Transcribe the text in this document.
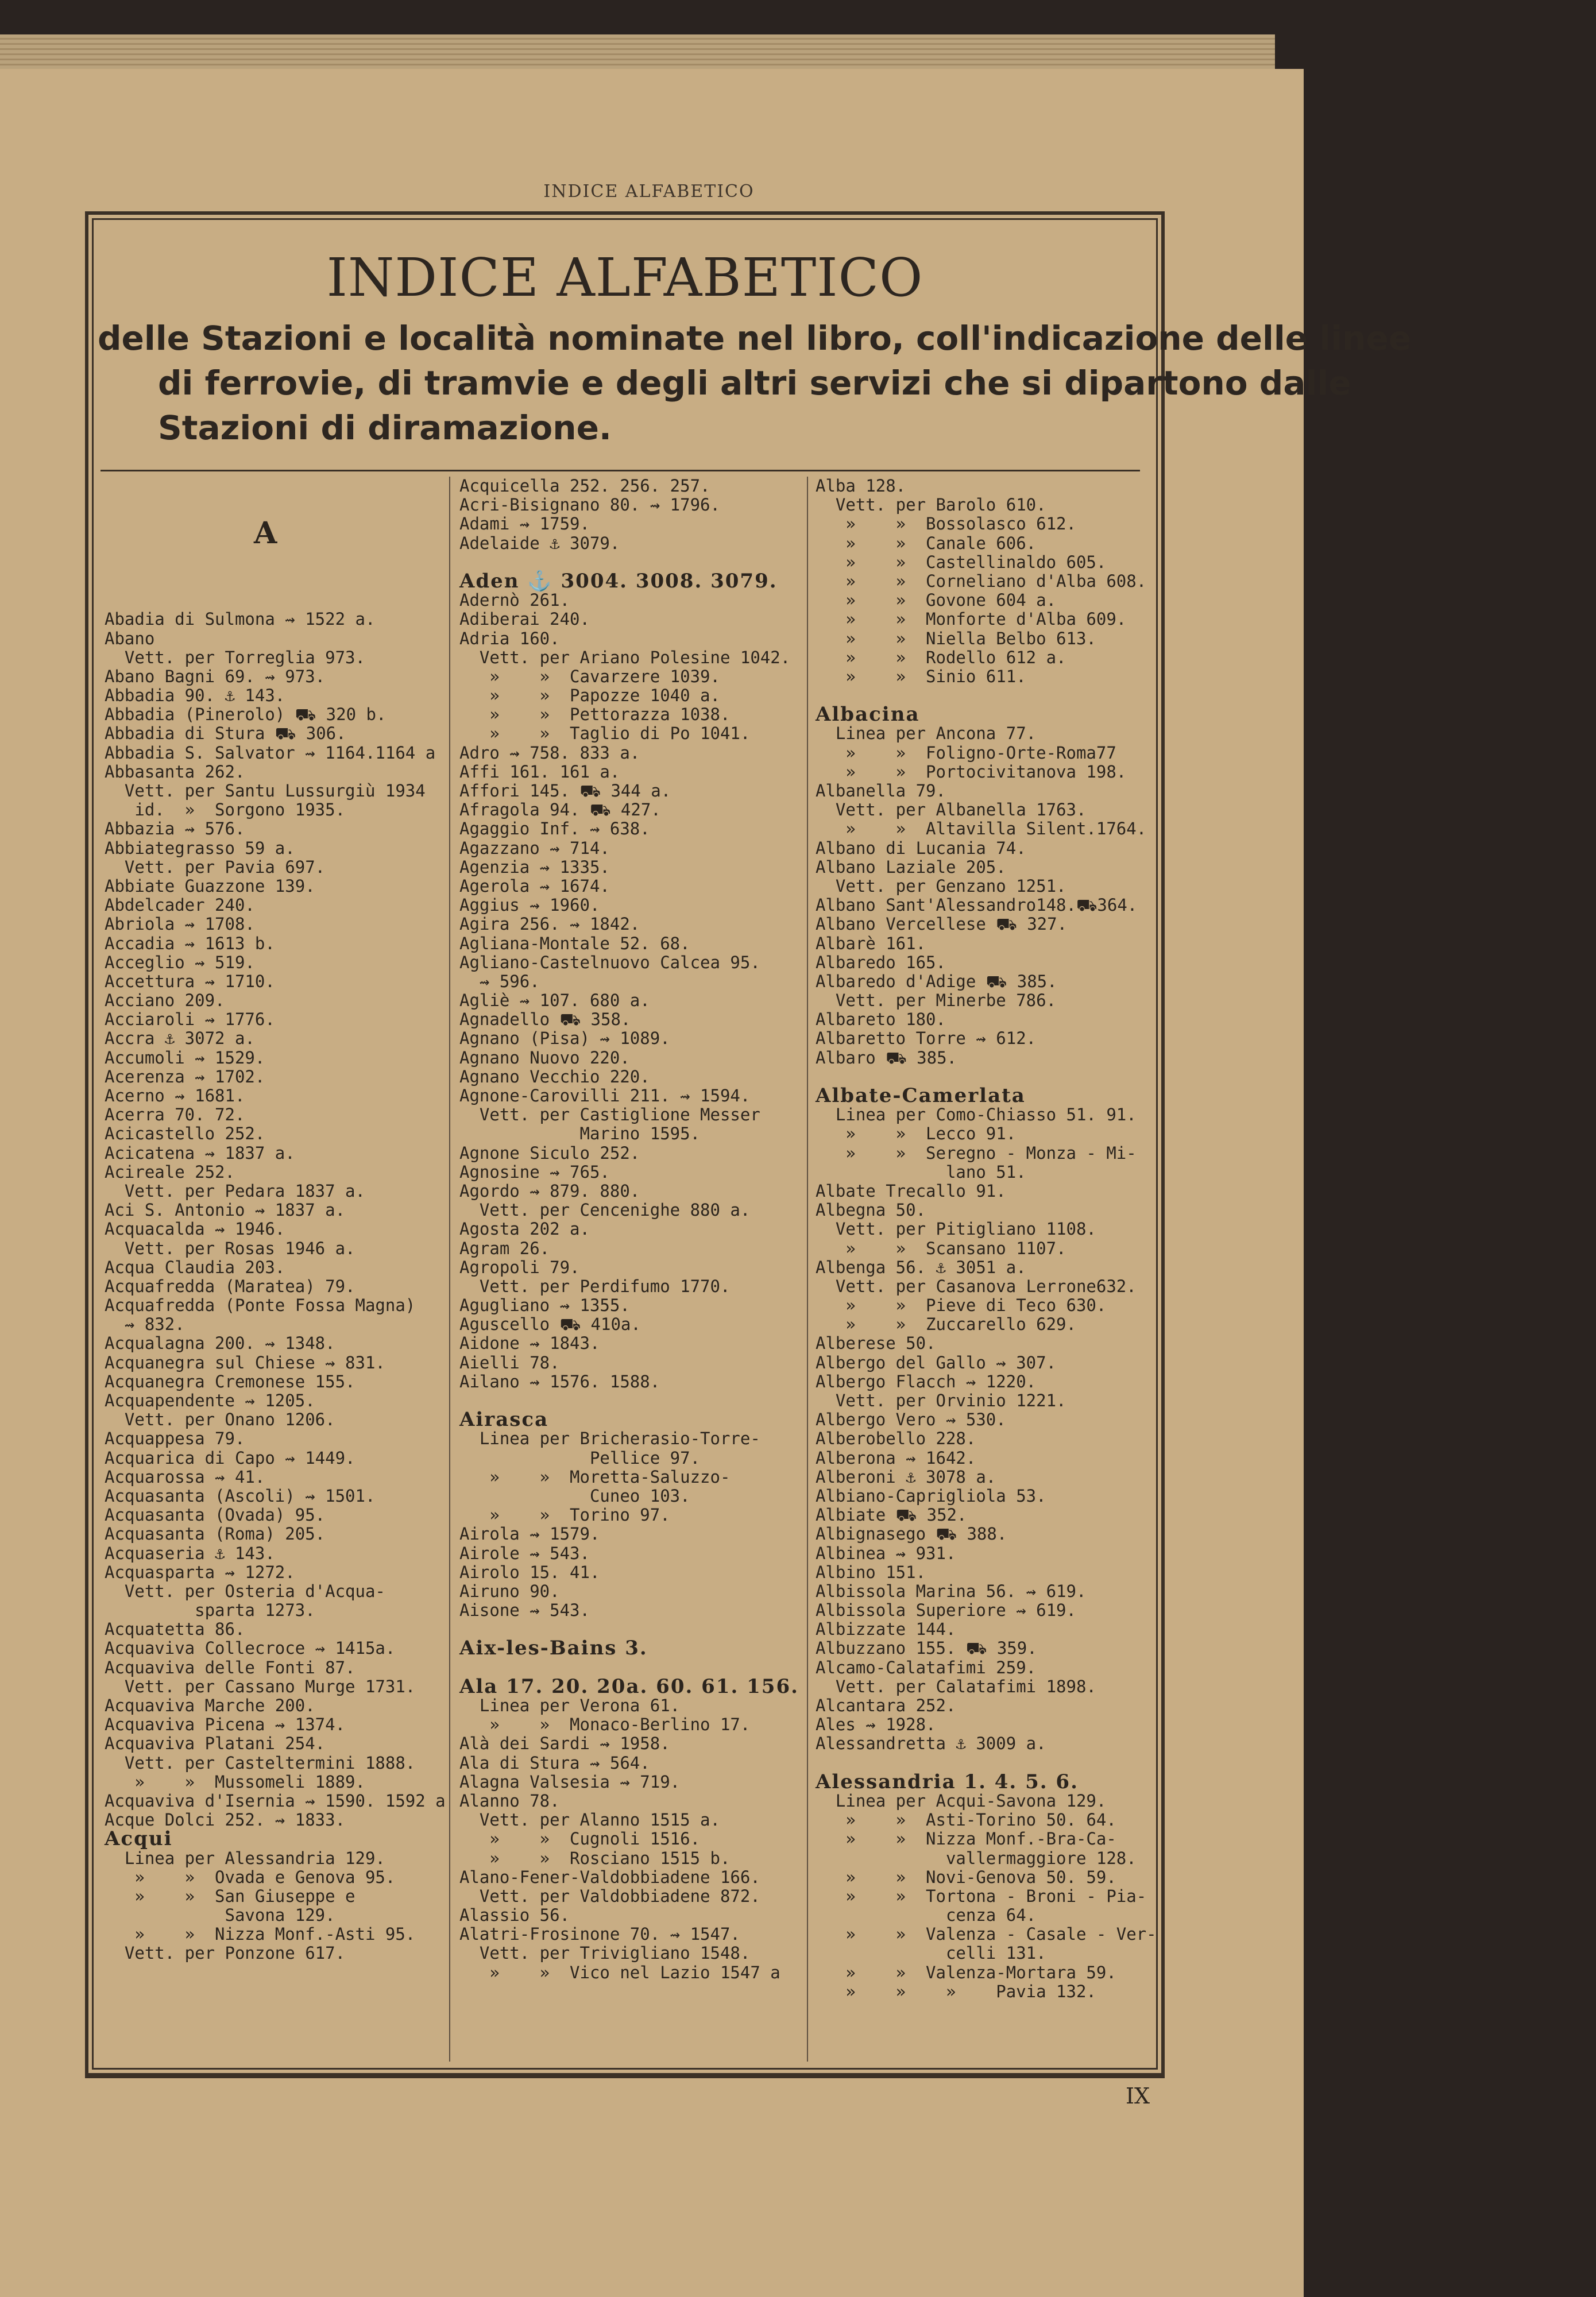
INDICE ALFABETICO
INDICE ALFABETICO
delle Stazioni e località nominate nel libro, coll'indicazione delle linee
di ferrovie, di tramvie e degli altri servizi che si dipartono dalle
Stazioni di diramazione.
A
Abadia di Sulmona ⇝ 1522 a.
Abano
Vett. per Torreglia 973.
Abano Bagni 69. ⇝ 973.
Abbadia 90. ⚓ 143.
Abbadia (Pinerolo) ⛟ 320 b.
Abbadia di Stura ⛟ 306.
Abbadia S. Salvator ⇝ 1164.1164 a
Abbasanta 262.
Vett. per Santu Lussurgiù 1934
id.  »  Sorgono 1935.
Abbazia ⇝ 576.
Abbiategrasso 59 a.
Vett. per Pavia 697.
Abbiate Guazzone 139.
Abdelcader 240.
Abriola ⇝ 1708.
Accadia ⇝ 1613 b.
Acceglio ⇝ 519.
Accettura ⇝ 1710.
Acciano 209.
Acciaroli ⇝ 1776.
Accra ⚓ 3072 a.
Accumoli ⇝ 1529.
Acerenza ⇝ 1702.
Acerno ⇝ 1681.
Acerra 70. 72.
Acicastello 252.
Acicatena ⇝ 1837 a.
Acireale 252.
Vett. per Pedara 1837 a.
Aci S. Antonio ⇝ 1837 a.
Acquacalda ⇝ 1946.
Vett. per Rosas 1946 a.
Acqua Claudia 203.
Acquafredda (Maratea) 79.
Acquafredda (Ponte Fossa Magna)
⇝ 832.
Acqualagna 200. ⇝ 1348.
Acquanegra sul Chiese ⇝ 831.
Acquanegra Cremonese 155.
Acquapendente ⇝ 1205.
Vett. per Onano 1206.
Acquappesa 79.
Acquarica di Capo ⇝ 1449.
Acquarossa ⇝ 41.
Acquasanta (Ascoli) ⇝ 1501.
Acquasanta (Ovada) 95.
Acquasanta (Roma) 205.
Acquaseria ⚓ 143.
Acquasparta ⇝ 1272.
Vett. per Osteria d'Acqua-
sparta 1273.
Acquatetta 86.
Acquaviva Collecroce ⇝ 1415a.
Acquaviva delle Fonti 87.
Vett. per Cassano Murge 1731.
Acquaviva Marche 200.
Acquaviva Picena ⇝ 1374.
Acquaviva Platani 254.
Vett. per Casteltermini 1888.
»    »  Mussomeli 1889.
Acquaviva d'Isernia ⇝ 1590. 1592 a
Acque Dolci 252. ⇝ 1833.
Acqui
Linea per Alessandria 129.
»    »  Ovada e Genova 95.
»    »  San Giuseppe e
Savona 129.
»    »  Nizza Monf.-Asti 95.
Vett. per Ponzone 617.
Acquicella 252. 256. 257.
Acri-Bisignano 80. ⇝ 1796.
Adami ⇝ 1759.
Adelaide ⚓ 3079.
Aden ⚓ 3004. 3008. 3079.
Adernò 261.
Adiberai 240.
Adria 160.
Vett. per Ariano Polesine 1042.
»    »  Cavarzere 1039.
»    »  Papozze 1040 a.
»    »  Pettorazza 1038.
»    »  Taglio di Po 1041.
Adro ⇝ 758. 833 a.
Affi 161. 161 a.
Affori 145. ⛟ 344 a.
Afragola 94. ⛟ 427.
Agaggio Inf. ⇝ 638.
Agazzano ⇝ 714.
Agenzia ⇝ 1335.
Agerola ⇝ 1674.
Aggius ⇝ 1960.
Agira 256. ⇝ 1842.
Agliana-Montale 52. 68.
Agliano-Castelnuovo Calcea 95.
⇝ 596.
Agliè ⇝ 107. 680 a.
Agnadello ⛟ 358.
Agnano (Pisa) ⇝ 1089.
Agnano Nuovo 220.
Agnano Vecchio 220.
Agnone-Carovilli 211. ⇝ 1594.
Vett. per Castiglione Messer
Marino 1595.
Agnone Siculo 252.
Agnosine ⇝ 765.
Agordo ⇝ 879. 880.
Vett. per Cencenighe 880 a.
Agosta 202 a.
Agram 26.
Agropoli 79.
Vett. per Perdifumo 1770.
Agugliano ⇝ 1355.
Aguscello ⛟ 410a.
Aidone ⇝ 1843.
Aielli 78.
Ailano ⇝ 1576. 1588.
Airasca
Linea per Bricherasio-Torre-
Pellice 97.
»    »  Moretta-Saluzzo-
Cuneo 103.
»    »  Torino 97.
Airola ⇝ 1579.
Airole ⇝ 543.
Airolo 15. 41.
Airuno 90.
Aisone ⇝ 543.
Aix-les-Bains 3.
Ala 17. 20. 20a. 60. 61. 156.
Linea per Verona 61.
»    »  Monaco-Berlino 17.
Alà dei Sardi ⇝ 1958.
Ala di Stura ⇝ 564.
Alagna Valsesia ⇝ 719.
Alanno 78.
Vett. per Alanno 1515 a.
»    »  Cugnoli 1516.
»    »  Rosciano 1515 b.
Alano-Fener-Valdobbiadene 166.
Vett. per Valdobbiadene 872.
Alassio 56.
Alatri-Frosinone 70. ⇝ 1547.
Vett. per Trivigliano 1548.
»    »  Vico nel Lazio 1547 a
Alba 128.
Vett. per Barolo 610.
»    »  Bossolasco 612.
»    »  Canale 606.
»    »  Castellinaldo 605.
»    »  Corneliano d'Alba 608.
»    »  Govone 604 a.
»    »  Monforte d'Alba 609.
»    »  Niella Belbo 613.
»    »  Rodello 612 a.
»    »  Sinio 611.
Albacina
Linea per Ancona 77.
»    »  Foligno-Orte-Roma77
»    »  Portocivitanova 198.
Albanella 79.
Vett. per Albanella 1763.
»    »  Altavilla Silent.1764.
Albano di Lucania 74.
Albano Laziale 205.
Vett. per Genzano 1251.
Albano Sant'Alessandro148.⛟364.
Albano Vercellese ⛟ 327.
Albarè 161.
Albaredo 165.
Albaredo d'Adige ⛟ 385.
Vett. per Minerbe 786.
Albareto 180.
Albaretto Torre ⇝ 612.
Albaro ⛟ 385.
Albate-Camerlata
Linea per Como-Chiasso 51. 91.
»    »  Lecco 91.
»    »  Seregno - Monza - Mi-
lano 51.
Albate Trecallo 91.
Albegna 50.
Vett. per Pitigliano 1108.
»    »  Scansano 1107.
Albenga 56. ⚓ 3051 a.
Vett. per Casanova Lerrone632.
»    »  Pieve di Teco 630.
»    »  Zuccarello 629.
Alberese 50.
Albergo del Gallo ⇝ 307.
Albergo Flacch ⇝ 1220.
Vett. per Orvinio 1221.
Albergo Vero ⇝ 530.
Alberobello 228.
Alberona ⇝ 1642.
Alberoni ⚓ 3078 a.
Albiano-Caprigliola 53.
Albiate ⛟ 352.
Albignasego ⛟ 388.
Albinea ⇝ 931.
Albino 151.
Albissola Marina 56. ⇝ 619.
Albissola Superiore ⇝ 619.
Albizzate 144.
Albuzzano 155. ⛟ 359.
Alcamo-Calatafimi 259.
Vett. per Calatafimi 1898.
Alcantara 252.
Ales ⇝ 1928.
Alessandretta ⚓ 3009 a.
Alessandria 1. 4. 5. 6.
Linea per Acqui-Savona 129.
»    »  Asti-Torino 50. 64.
»    »  Nizza Monf.-Bra-Ca-
vallermaggiore 128.
»    »  Novi-Genova 50. 59.
»    »  Tortona - Broni - Pia-
cenza 64.
»    »  Valenza - Casale - Ver-
celli 131.
»    »  Valenza-Mortara 59.
»    »    »    Pavia 132.
IX
